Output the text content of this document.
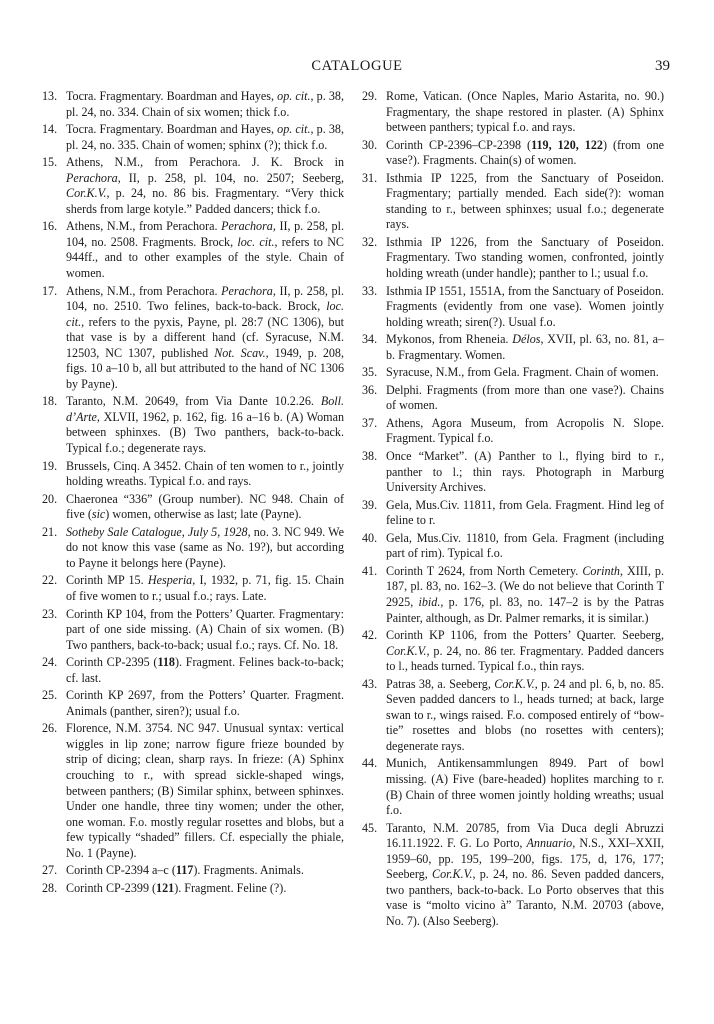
CATALOGUE	39
13. Tocra. Fragmentary. Boardman and Hayes, op. cit., p. 38, pl. 24, no. 334. Chain of six women; thick f.o.
14. Tocra. Fragmentary. Boardman and Hayes, op. cit., p. 38, pl. 24, no. 335. Chain of women; sphinx (?); thick f.o.
15. Athens, N.M., from Perachora. J. K. Brock in Perachora, II, p. 258, pl. 104, no. 2507; Seeberg, Cor.K.V., p. 24, no. 86 bis. Fragmentary. “Very thick sherds from large kotyle.” Padded dancers; thick f.o.
16. Athens, N.M., from Perachora. Perachora, II, p. 258, pl. 104, no. 2508. Fragments. Brock, loc. cit., refers to NC 944ff., and to other examples of the style. Chain of women.
17. Athens, N.M., from Perachora. Perachora, II, p. 258, pl. 104, no. 2510. Two felines, back-to-back. Brock, loc. cit., refers to the pyxis, Payne, pl. 28:7 (NC 1306), but that vase is by a different hand (cf. Syracuse, N.M. 12503, NC 1307, published Not. Scav., 1949, p. 208, figs. 10 a–10 b, all but attributed to the hand of NC 1306 by Payne).
18. Taranto, N.M. 20649, from Via Dante 10.2.26. Boll. d’Arte, XLVII, 1962, p. 162, fig. 16 a–16 b. (A) Woman between sphinxes. (B) Two panthers, back-to-back. Typical f.o.; degenerate rays.
19. Brussels, Cinq. A 3452. Chain of ten women to r., jointly holding wreaths. Typical f.o. and rays.
20. Chaeronea “336” (Group number). NC 948. Chain of five (sic) women, otherwise as last; late (Payne).
21. Sotheby Sale Catalogue, July 5, 1928, no. 3. NC 949. We do not know this vase (same as No. 19?), but according to Payne it belongs here (Payne).
22. Corinth MP 15. Hesperia, I, 1932, p. 71, fig. 15. Chain of five women to r.; usual f.o.; rays. Late.
23. Corinth KP 104, from the Potters’ Quarter. Fragmentary: part of one side missing. (A) Chain of six women. (B) Two panthers, back-to-back; usual f.o.; rays. Cf. No. 18.
24. Corinth CP-2395 (118). Fragment. Felines back-to-back; cf. last.
25. Corinth KP 2697, from the Potters’ Quarter. Fragment. Animals (panther, siren?); usual f.o.
26. Florence, N.M. 3754. NC 947. Unusual syntax: vertical wiggles in lip zone; narrow figure frieze bounded by strip of dicing; clean, sharp rays. In frieze: (A) Sphinx crouching to r., with spread sickle-shaped wings, between panthers; (B) Similar sphinx, between sphinxes. Under one handle, three tiny women; under the other, one woman. F.o. mostly regular rosettes and blobs, but a few typically “shaded” fillers. Cf. especially the phiale, No. 1 (Payne).
27. Corinth CP-2394 a–c (117). Fragments. Animals.
28. Corinth CP-2399 (121). Fragment. Feline (?).
29. Rome, Vatican. (Once Naples, Mario Astarita, no. 90.) Fragmentary, the shape restored in plaster. (A) Sphinx between panthers; typical f.o. and rays.
30. Corinth CP-2396–CP-2398 (119, 120, 122) (from one vase?). Fragments. Chain(s) of women.
31. Isthmia IP 1225, from the Sanctuary of Poseidon. Fragmentary; partially mended. Each side(?): woman standing to r., between sphinxes; usual f.o.; degenerate rays.
32. Isthmia IP 1226, from the Sanctuary of Poseidon. Fragmentary. Two standing women, confronted, jointly holding wreath (under handle); panther to l.; usual f.o.
33. Isthmia IP 1551, 1551A, from the Sanctuary of Poseidon. Fragments (evidently from one vase). Women jointly holding wreath; siren(?). Usual f.o.
34. Mykonos, from Rheneia. Délos, XVII, pl. 63, no. 81, a–b. Fragmentary. Women.
35. Syracuse, N.M., from Gela. Fragment. Chain of women.
36. Delphi. Fragments (from more than one vase?). Chains of women.
37. Athens, Agora Museum, from Acropolis N. Slope. Fragment. Typical f.o.
38. Once “Market”. (A) Panther to l., flying bird to r., panther to l.; thin rays. Photograph in Marburg University Archives.
39. Gela, Mus.Civ. 11811, from Gela. Fragment. Hind leg of feline to r.
40. Gela, Mus.Civ. 11810, from Gela. Fragment (including part of rim). Typical f.o.
41. Corinth T 2624, from North Cemetery. Corinth, XIII, p. 187, pl. 83, no. 162–3. (We do not believe that Corinth T 2925, ibid., p. 176, pl. 83, no. 147–2 is by the Patras Painter, although, as Dr. Palmer remarks, it is similar.)
42. Corinth KP 1106, from the Potters’ Quarter. Seeberg, Cor.K.V., p. 24, no. 86 ter. Fragmentary. Padded dancers to l., heads turned. Typical f.o., thin rays.
43. Patras 38, a. Seeberg, Cor.K.V., p. 24 and pl. 6, b, no. 85. Seven padded dancers to l., heads turned; at back, large swan to r., wings raised. F.o. composed entirely of “bow-tie” rosettes and blobs (no rosettes with centers); degenerate rays.
44. Munich, Antikensammlungen 8949. Part of bowl missing. (A) Five (bare-headed) hoplites marching to r. (B) Chain of three women jointly holding wreaths; usual f.o.
45. Taranto, N.M. 20785, from Via Duca degli Abruzzi 16.11.1922. F. G. Lo Porto, Annuario, N.S., XXI–XXII, 1959–60, pp. 195, 199–200, figs. 175, d, 176, 177; Seeberg, Cor.K.V., p. 24, no. 86. Seven padded dancers, two panthers, back-to-back. Lo Porto observes that this vase is “molto vicino à” Taranto, N.M. 20703 (above, No. 7). (Also Seeberg).
